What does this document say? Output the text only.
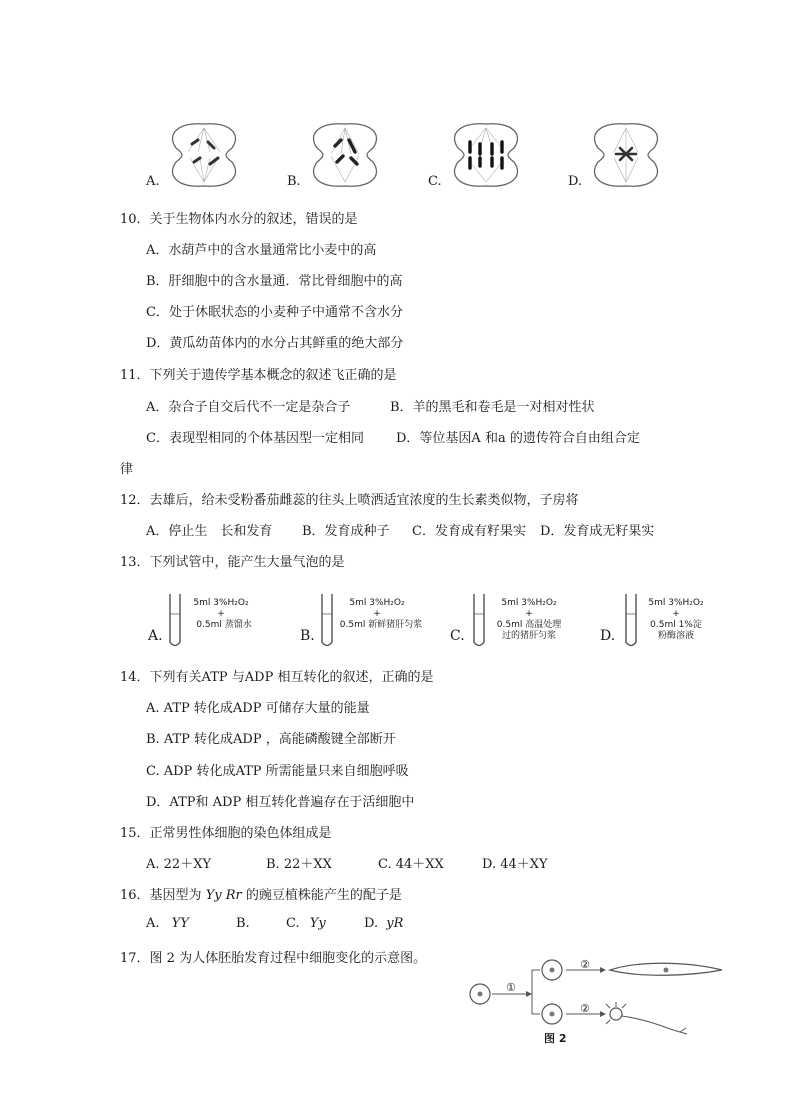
A.	B.	C.	D.
10．关于生物体内水分的叙述，错误的是
A．水葫芦中的含水量通常比小麦中的高
B．肝细胞中的含水量通．常比骨细胞中的高
C．处于休眠状态的小麦种子中通常不含水分
D．黄瓜幼苗体内的水分占其鲜重的绝大部分
11．下列关于遗传学基本概念的叙述飞正确的是
A．杂合子自交后代不一定是杂合子	B．羊的黑毛和卷毛是一对相对性状
C．表现型相同的个体基因型一定相同 D．等位基因A 和a 的遗传符合自由组合定
律
12．去雄后，给未受粉番茄雌蕊的往头上喷洒适宜浓度的生长素类似物，子房将
A．停止生　长和发育 B．发育成种子 C．发育成有籽果实 D．发育成无籽果实
13．下列试管中，能产生大量气泡的是
A.
5ml 3%H₂O₂
+
0.5ml 蒸馏水
B.
5ml 3%H₂O₂
+
0.5ml 新鲜猪肝匀浆
C.
5ml 3%H₂O₂
+
0.5ml 高温处理
过的猪肝匀浆	D.
5ml 3%H₂O₂
+
0.5ml 1%淀
粉酶溶液
14．下列有关ATP 与ADP 相互转化的叙述，正确的是
A. ATP 转化成ADP 可储存大量的能量
B. ATP 转化成ADP ，高能磷酸键全部断开
C. ADP 转化成ATP 所需能量只来自细胞呼吸
D．ATP和 ADP 相互转化普遍存在于活细胞中
15．正常男性体细胞的染色体组成是
A. 22＋XY	B. 22＋XX	C. 44＋XX	D. 44＋XY
16．基因型为 Yy Rr 的豌豆植株能产生的配子是
A. YY	B.	C. Yy	D. yR
17．图 2 为人体胚胎发育过程中细胞变化的示意图。
①
②
②
图 2
